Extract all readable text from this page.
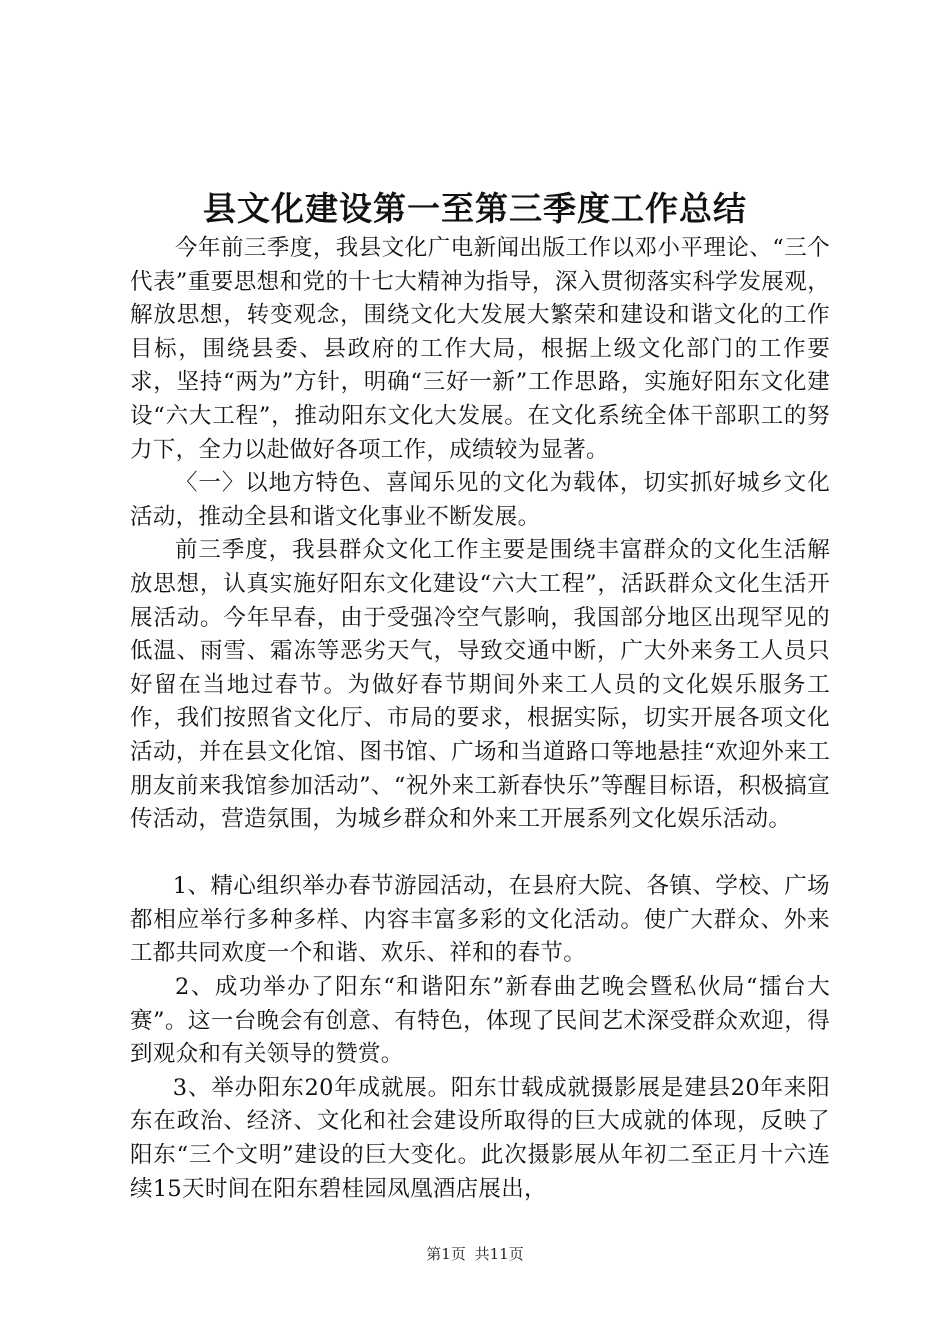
县文化建设第一至第三季度工作总结

今年前三季度，我县文化广电新闻出版工作以邓小平理论、“三个代表”重要思想和党的十七大精神为指导，深入贯彻落实科学发展观，解放思想，转变观念，围绕文化大发展大繁荣和建设和谐文化的工作目标，围绕县委、县政府的工作大局，根据上级文化部门的工作要求，坚持“两为”方针，明确“三好一新”工作思路，实施好阳东文化建设“六大工程”，推动阳东文化大发展。在文化系统全体干部职工的努力下，全力以赴做好各项工作，成绩较为显著。

〈一〉以地方特色、喜闻乐见的文化为载体，切实抓好城乡文化活动，推动全县和谐文化事业不断发展。

前三季度，我县群众文化工作主要是围绕丰富群众的文化生活解放思想，认真实施好阳东文化建设“六大工程”，活跃群众文化生活开展活动。今年早春，由于受强冷空气影响，我国部分地区出现罕见的低温、雨雪、霜冻等恶劣天气，导致交通中断，广大外来务工人员只好留在当地过春节。为做好春节期间外来工人员的文化娱乐服务工作，我们按照省文化厅、市局的要求，根据实际，切实开展各项文化活动，并在县文化馆、图书馆、广场和当道路口等地悬挂“欢迎外来工朋友前来我馆参加活动”、“祝外来工新春快乐”等醒目标语，积极搞宣传活动，营造氛围，为城乡群众和外来工开展系列文化娱乐活动。

1、精心组织举办春节游园活动，在县府大院、各镇、学校、广场都相应举行多种多样、内容丰富多彩的文化活动。使广大群众、外来工都共同欢度一个和谐、欢乐、祥和的春节。

2、成功举办了阳东“和谐阳东”新春曲艺晚会暨私伙局“擂台大赛”。这一台晚会有创意、有特色，体现了民间艺术深受群众欢迎，得到观众和有关领导的赞赏。

3、举办阳东20年成就展。阳东廿载成就摄影展是建县20年来阳东在政治、经济、文化和社会建设所取得的巨大成就的体现，反映了阳东“三个文明”建设的巨大变化。此次摄影展从年初二至正月十六连续15天时间在阳东碧桂园凤凰酒店展出，

第1页 共11页
